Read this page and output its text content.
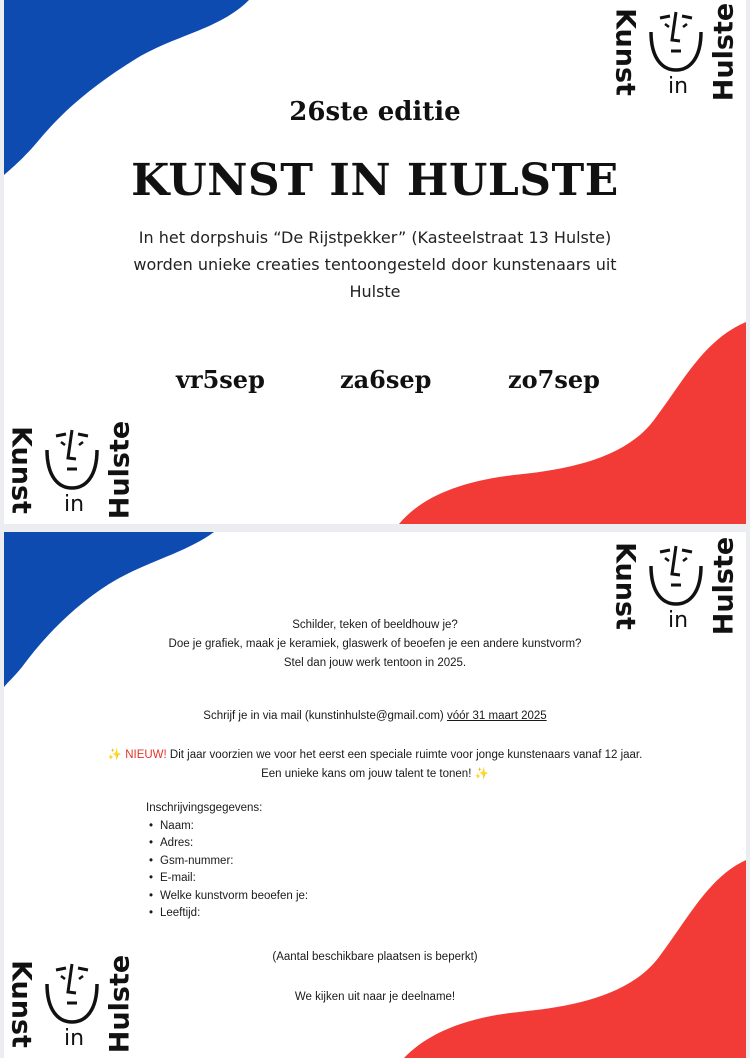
Kunst in Hulste
Kunst in Hulste
26ste editie
KUNST IN HULSTE
In het dorpshuis “De Rijstpekker” (Kasteelstraat 13 Hulste) worden unieke creaties tentoongesteld door kunstenaars uit Hulste
vr5sep	za6sep	zo7sep
Kunst in Hulste
Kunst in Hulste
Schilder, teken of beeldhouw je?
Doe je grafiek, maak je keramiek, glaswerk of beoefen je een andere kunstvorm?
Stel dan jouw werk tentoon in 2025.
Schrijf je in via mail (kunstinhulste@gmail.com) vóór 31 maart 2025
✨ NIEUW! Dit jaar voorzien we voor het eerst een speciale ruimte voor jonge kunstenaars vanaf 12 jaar.
Een unieke kans om jouw talent te tonen! ✨
Inschrijvingsgegevens:
• Naam:
• Adres:
• Gsm-nummer:
• E-mail:
• Welke kunstvorm beoefen je:
• Leeftijd:
(Aantal beschikbare plaatsen is beperkt)
We kijken uit naar je deelname!
